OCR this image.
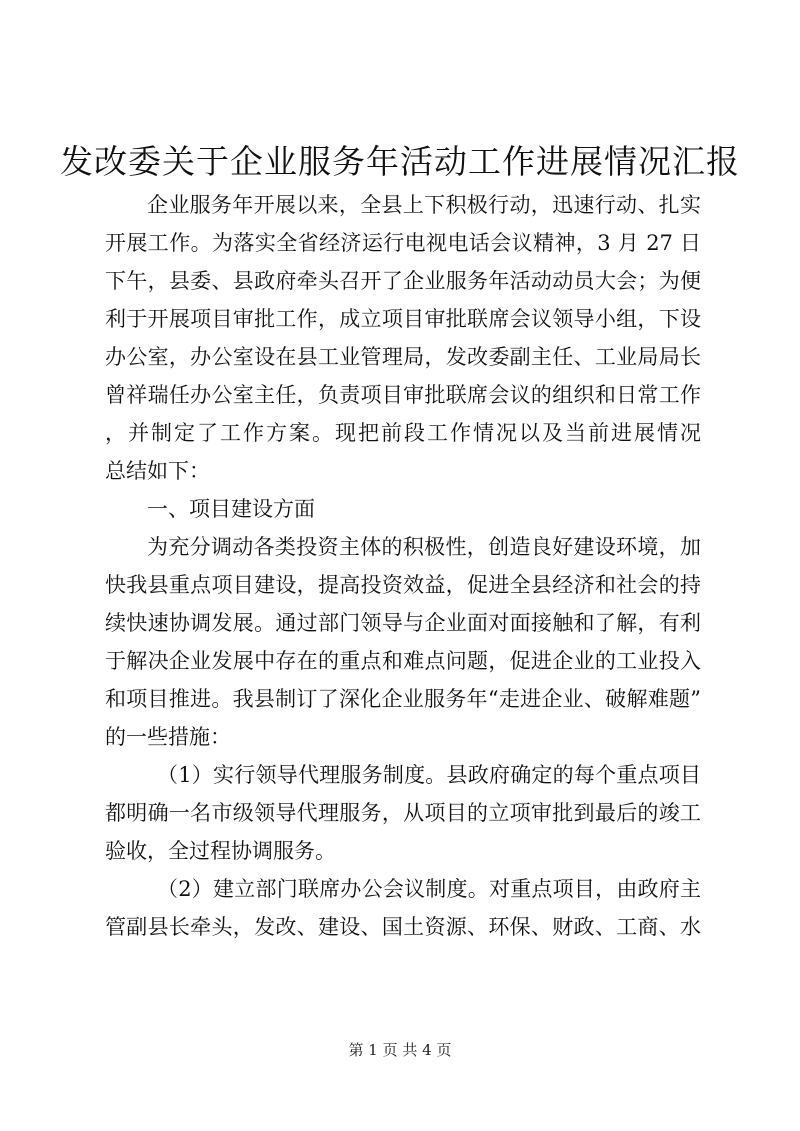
发改委关于企业服务年活动工作进展情况汇报
企业服务年开展以来，全县上下积极行动，迅速行动、扎实
开展工作。为落实全省经济运行电视电话会议精神，3 月 27 日
下午，县委、县政府牵头召开了企业服务年活动动员大会；为便
利于开展项目审批工作，成立项目审批联席会议领导小组，下设
办公室，办公室设在县工业管理局，发改委副主任、工业局局长
曾祥瑞任办公室主任，负责项目审批联席会议的组织和日常工作
，并制定了工作方案。现把前段工作情况以及当前进展情况
总结如下：
一、项目建设方面
为充分调动各类投资主体的积极性，创造良好建设环境，加
快我县重点项目建设，提高投资效益，促进全县经济和社会的持
续快速协调发展。通过部门领导与企业面对面接触和了解，有利
于解决企业发展中存在的重点和难点问题，促进企业的工业投入
和项目推进。我县制订了深化企业服务年“走进企业、破解难题”
的一些措施：
（1）实行领导代理服务制度。县政府确定的每个重点项目
都明确一名市级领导代理服务，从项目的立项审批到最后的竣工
验收，全过程协调服务。
（2）建立部门联席办公会议制度。对重点项目，由政府主
管副县长牵头，发改、建设、国土资源、环保、财政、工商、水
第 1 页 共 4 页
